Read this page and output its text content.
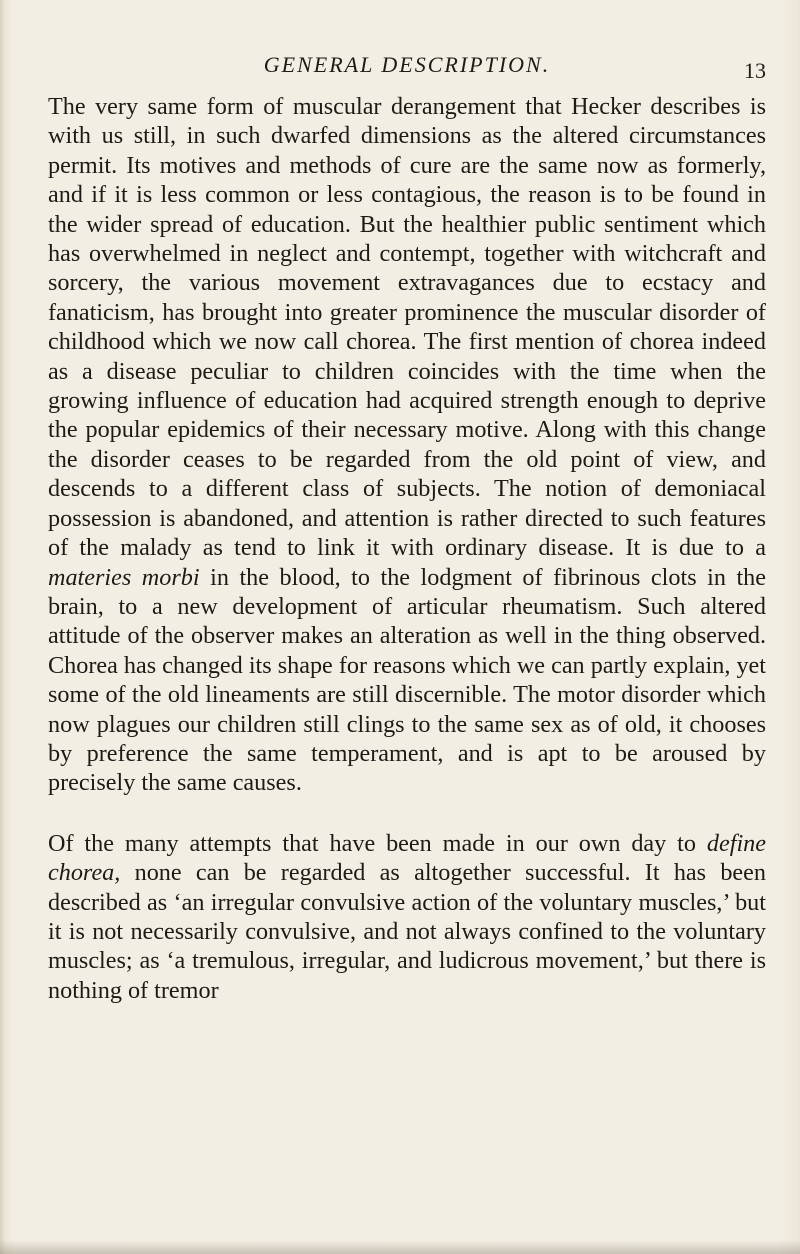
GENERAL DESCRIPTION.	13

The very same form of muscular derangement that Hecker describes is with us still, in such dwarfed dimensions as the altered circumstances permit. Its motives and methods of cure are the same now as formerly, and if it is less common or less contagious, the reason is to be found in the wider spread of education. But the healthier public sentiment which has overwhelmed in neglect and contempt, together with witchcraft and sorcery, the various movement extravagances due to ecstacy and fanaticism, has brought into greater prominence the muscular disorder of childhood which we now call chorea. The first mention of chorea indeed as a disease peculiar to children coincides with the time when the growing influence of education had acquired strength enough to deprive the popular epidemics of their necessary motive. Along with this change the disorder ceases to be regarded from the old point of view, and descends to a different class of subjects. The notion of demoniacal possession is abandoned, and attention is rather directed to such features of the malady as tend to link it with ordinary disease. It is due to a materies morbi in the blood, to the lodgment of fibrinous clots in the brain, to a new development of articular rheumatism. Such altered attitude of the observer makes an alteration as well in the thing observed. Chorea has changed its shape for reasons which we can partly explain, yet some of the old lineaments are still discernible. The motor disorder which now plagues our children still clings to the same sex as of old, it chooses by preference the same temperament, and is apt to be aroused by precisely the same causes.

Of the many attempts that have been made in our own day to define chorea, none can be regarded as altogether successful. It has been described as ‘an irregular convulsive action of the voluntary muscles,’ but it is not necessarily convulsive, and not always confined to the voluntary muscles; as ‘a tremulous, irregular, and ludicrous movement,’ but there is nothing of tremor
